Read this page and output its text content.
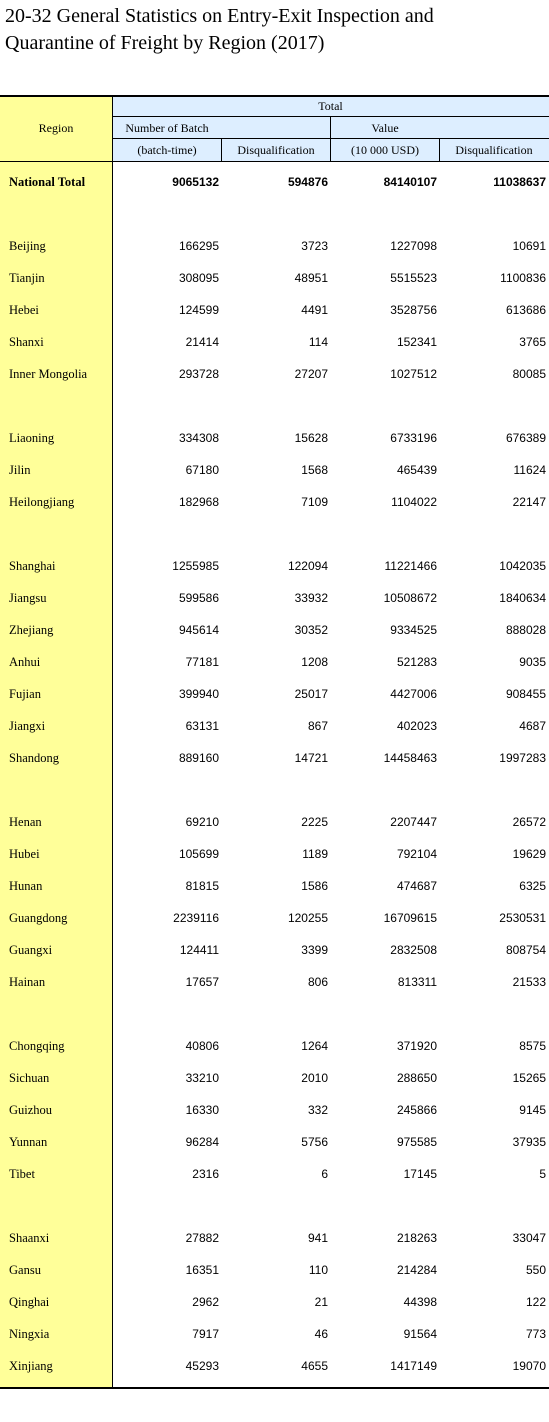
20-32 General Statistics on Entry-Exit Inspection and
Quarantine of Freight by Region (2017)
Region
Total
Number of Batch
(batch-time)	Disqualification
Value
(10 000 USD)	Disqualification
National Total	9065132	594876	84140107	11038637
Beijing	166295	3723	1227098	10691
Tianjin	308095	48951	5515523	1100836
Hebei	124599	4491	3528756	613686
Shanxi	21414	114	152341	3765
Inner Mongolia	293728	27207	1027512	80085
Liaoning	334308	15628	6733196	676389
Jilin	67180	1568	465439	11624
Heilongjiang	182968	7109	1104022	22147
Shanghai	1255985	122094	11221466	1042035
Jiangsu	599586	33932	10508672	1840634
Zhejiang	945614	30352	9334525	888028
Anhui	77181	1208	521283	9035
Fujian	399940	25017	4427006	908455
Jiangxi	63131	867	402023	4687
Shandong	889160	14721	14458463	1997283
Henan	69210	2225	2207447	26572
Hubei	105699	1189	792104	19629
Hunan	81815	1586	474687	6325
Guangdong	2239116	120255	16709615	2530531
Guangxi	124411	3399	2832508	808754
Hainan	17657	806	813311	21533
Chongqing	40806	1264	371920	8575
Sichuan	33210	2010	288650	15265
Guizhou	16330	332	245866	9145
Yunnan	96284	5756	975585	37935
Tibet	2316	6	17145	5
Shaanxi	27882	941	218263	33047
Gansu	16351	110	214284	550
Qinghai	2962	21	44398	122
Ningxia	7917	46	91564	773
Xinjiang	45293	4655	1417149	19070
